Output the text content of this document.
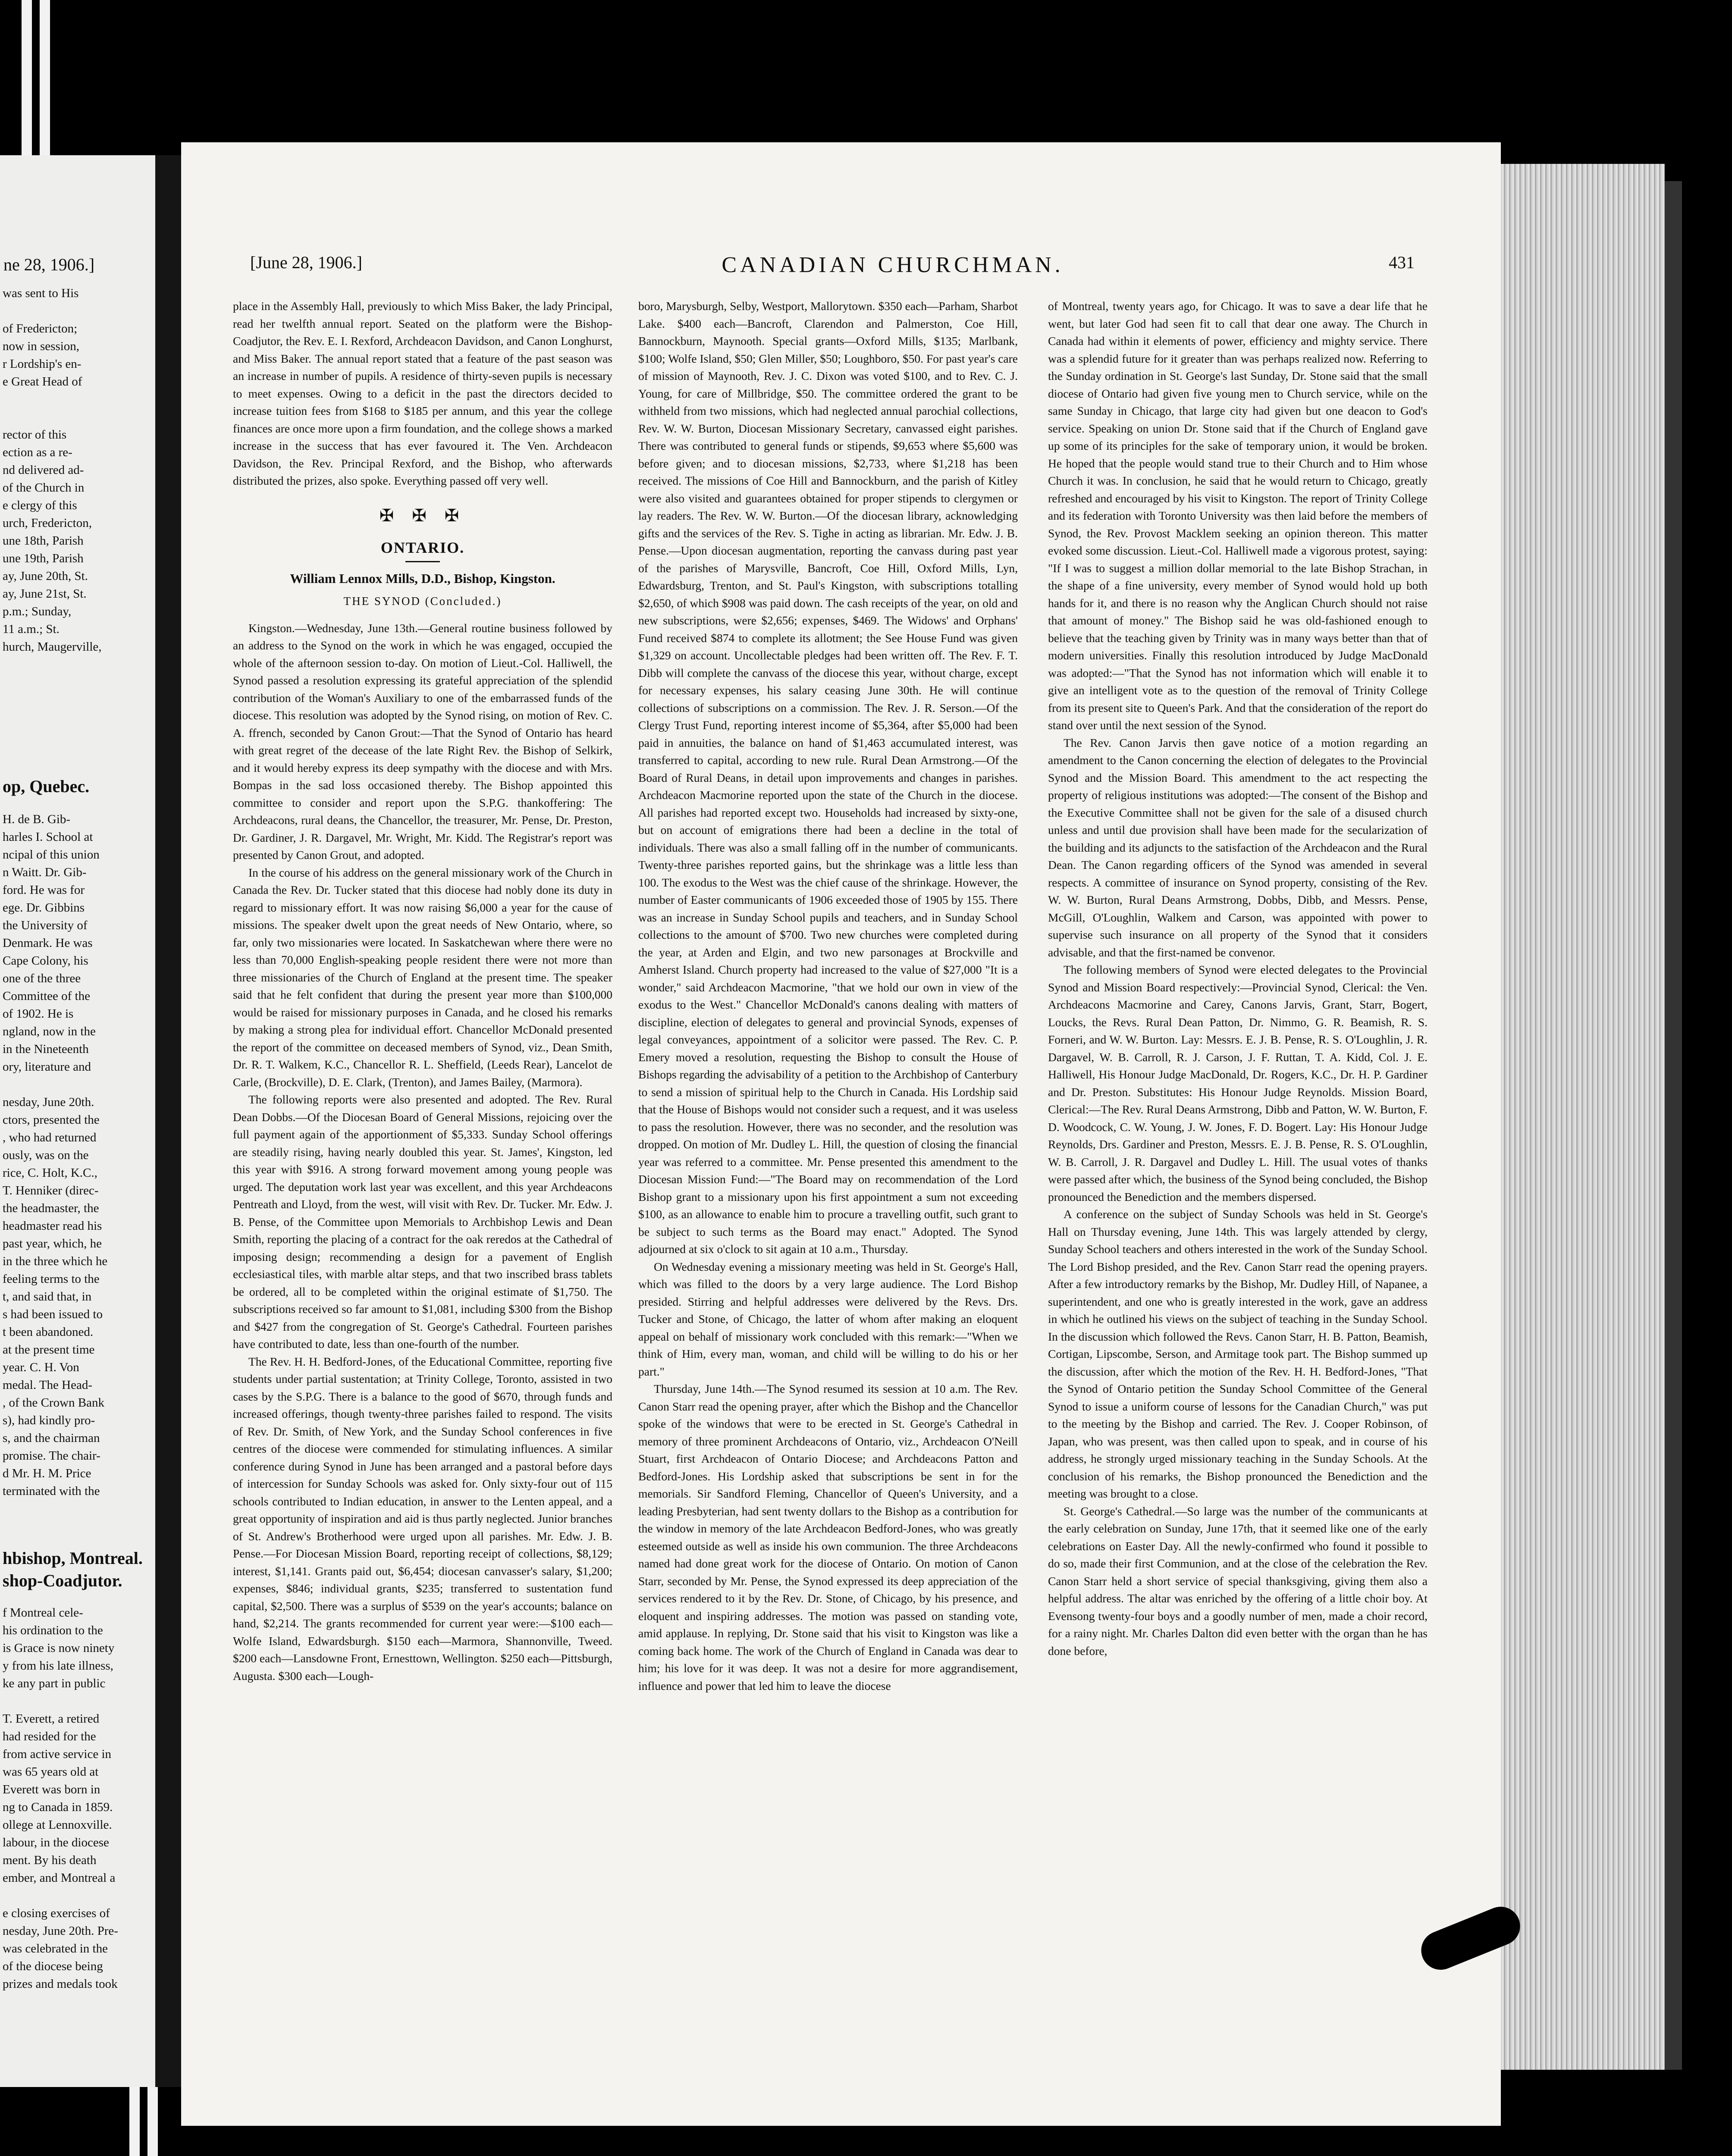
ne 28, 1906.]
was sent to His
of Fredericton;
now in session,
r Lordship's en-
e Great Head of
rector of this
ection as a re-
nd delivered ad-
of the Church in
e clergy of this
urch, Fredericton,
une 18th, Parish
une 19th, Parish
ay, June 20th, St.
ay, June 21st, St.
p.m.; Sunday,
11 a.m.; St.
hurch, Maugerville,
op, Quebec.
H. de B. Gib-
harles I. School at
ncipal of this union
n Waitt. Dr. Gib-
ford. He was for
ege. Dr. Gibbins
the University of
Denmark. He was
Cape Colony, his
one of the three
Committee of the
of 1902. He is
ngland, now in the
in the Nineteenth
ory, literature and
nesday, June 20th.
ctors, presented the
, who had returned
ously, was on the
rice, C. Holt, K.C.,
T. Henniker (direc-
the headmaster, the
headmaster read his
past year, which, he
in the three which he
feeling terms to the
t, and said that, in
s had been issued to
t been abandoned.
at the present time
year. C. H. Von
medal. The Head-
, of the Crown Bank
s), had kindly pro-
s, and the chairman
promise. The chair-
d Mr. H. M. Price
terminated with the
hbishop, Montreal.
shop-Coadjutor.
f Montreal cele-
his ordination to the
is Grace is now ninety
y from his late illness,
ke any part in public
T. Everett, a retired
had resided for the
from active service in
was 65 years old at
Everett was born in
ng to Canada in 1859.
ollege at Lennoxville.
labour, in the diocese
ment. By his death
ember, and Montreal a
e closing exercises of
nesday, June 20th. Pre-
was celebrated in the
of the diocese being
prizes and medals took
[June 28, 1906.]	CANADIAN CHURCHMAN.	431

place in the Assembly Hall, previously to which Miss Baker, the lady Principal, read her twelfth annual report. Seated on the platform were the Bishop-Coadjutor, the Rev. E. I. Rexford, Archdeacon Davidson, and Canon Longhurst, and Miss Baker. The annual report stated that a feature of the past season was an increase in number of pupils. A residence of thirty-seven pupils is necessary to meet expenses. Owing to a deficit in the past the directors decided to increase tuition fees from $168 to $185 per annum, and this year the college finances are once more upon a firm foundation, and the college shows a marked increase in the success that has ever favoured it. The Ven. Archdeacon Davidson, the Rev. Principal Rexford, and the Bishop, who afterwards distributed the prizes, also spoke. Everything passed off very well.

✠ ✠ ✠
ONTARIO.
William Lennox Mills, D.D., Bishop, Kingston.
THE SYNOD (Concluded.)

Kingston.—Wednesday, June 13th.—General routine business followed by an address to the Synod on the work in which he was engaged, occupied the whole of the afternoon session to-day. On motion of Lieut.-Col. Halliwell, the Synod passed a resolution expressing its grateful appreciation of the splendid contribution of the Woman's Auxiliary to one of the embarrassed funds of the diocese. This resolution was adopted by the Synod rising, on motion of Rev. C. A. ffrench, seconded by Canon Grout:—That the Synod of Ontario has heard with great regret of the decease of the late Right Rev. the Bishop of Selkirk, and it would hereby express its deep sympathy with the diocese and with Mrs. Bompas in the sad loss occasioned thereby. The Bishop appointed this committee to consider and report upon the S.P.G. thankoffering: The Archdeacons, rural deans, the Chancellor, the treasurer, Mr. Pense, Dr. Preston, Dr. Gardiner, J. R. Dargavel, Mr. Wright, Mr. Kidd. The Registrar's report was presented by Canon Grout, and adopted.

In the course of his address on the general missionary work of the Church in Canada the Rev. Dr. Tucker stated that this diocese had nobly done its duty in regard to missionary effort. It was now raising $6,000 a year for the cause of missions. The speaker dwelt upon the great needs of New Ontario, where, so far, only two missionaries were located. In Saskatchewan where there were no less than 70,000 English-speaking people resident there were not more than three missionaries of the Church of England at the present time. The speaker said that he felt confident that during the present year more than $100,000 would be raised for missionary purposes in Canada, and he closed his remarks by making a strong plea for individual effort. Chancellor McDonald presented the report of the committee on deceased members of Synod, viz., Dean Smith, Dr. R. T. Walkem, K.C., Chancellor R. L. Sheffield, (Leeds Rear), Lancelot de Carle, (Brockville), D. E. Clark, (Trenton), and James Bailey, (Marmora).

The following reports were also presented and adopted. The Rev. Rural Dean Dobbs.—Of the Diocesan Board of General Missions, rejoicing over the full payment again of the apportionment of $5,333. Sunday School offerings are steadily rising, having nearly doubled this year. St. James', Kingston, led this year with $916. A strong forward movement among young people was urged. The deputation work last year was excellent, and this year Archdeacons Pentreath and Lloyd, from the west, will visit with Rev. Dr. Tucker. Mr. Edw. J. B. Pense, of the Committee upon Memorials to Archbishop Lewis and Dean Smith, reporting the placing of a contract for the oak reredos at the Cathedral of imposing design; recommending a design for a pavement of English ecclesiastical tiles, with marble altar steps, and that two inscribed brass tablets be ordered, all to be completed within the original estimate of $1,750. The subscriptions received so far amount to $1,081, including $300 from the Bishop and $427 from the congregation of St. George's Cathedral. Fourteen parishes have contributed to date, less than one-fourth of the number.

The Rev. H. H. Bedford-Jones, of the Educational Committee, reporting five students under partial sustentation; at Trinity College, Toronto, assisted in two cases by the S.P.G. There is a balance to the good of $670, through funds and increased offerings, though twenty-three parishes failed to respond. The visits of Rev. Dr. Smith, of New York, and the Sunday School conferences in five centres of the diocese were commended for stimulating influences. A similar conference during Synod in June has been arranged and a pastoral before days of intercession for Sunday Schools was asked for. Only sixty-four out of 115 schools contributed to Indian education, in answer to the Lenten appeal, and a great opportunity of inspiration and aid is thus partly neglected. Junior branches of St. Andrew's Brotherhood were urged upon all parishes. Mr. Edw. J. B. Pense.—For Diocesan Mission Board, reporting receipt of collections, $8,129; interest, $1,141. Grants paid out, $6,454; diocesan canvasser's salary, $1,200; expenses, $846; individual grants, $235; transferred to sustentation fund capital, $2,500. There was a surplus of $539 on the year's accounts; balance on hand, $2,214. The grants recommended for current year were:—$100 each—Wolfe Island, Edwardsburgh. $150 each—Marmora, Shannonville, Tweed. $200 each—Lansdowne Front, Ernesttown, Wellington. $250 each—Pittsburgh, Augusta. $300 each—Lough-

boro, Marysburgh, Selby, Westport, Mallorytown. $350 each—Parham, Sharbot Lake. $400 each—Bancroft, Clarendon and Palmerston, Coe Hill, Bannockburn, Maynooth. Special grants—Oxford Mills, $135; Marlbank, $100; Wolfe Island, $50; Glen Miller, $50; Loughboro, $50. For past year's care of mission of Maynooth, Rev. J. C. Dixon was voted $100, and to Rev. C. J. Young, for care of Millbridge, $50. The committee ordered the grant to be withheld from two missions, which had neglected annual parochial collections, Rev. W. W. Burton, Diocesan Missionary Secretary, canvassed eight parishes. There was contributed to general funds or stipends, $9,653 where $5,600 was before given; and to diocesan missions, $2,733, where $1,218 has been received. The missions of Coe Hill and Bannockburn, and the parish of Kitley were also visited and guarantees obtained for proper stipends to clergymen or lay readers. The Rev. W. W. Burton.—Of the diocesan library, acknowledging gifts and the services of the Rev. S. Tighe in acting as librarian. Mr. Edw. J. B. Pense.—Upon diocesan augmentation, reporting the canvass during past year of the parishes of Marysville, Bancroft, Coe Hill, Oxford Mills, Lyn, Edwardsburg, Trenton, and St. Paul's Kingston, with subscriptions totalling $2,650, of which $908 was paid down. The cash receipts of the year, on old and new subscriptions, were $2,656; expenses, $469. The Widows' and Orphans' Fund received $874 to complete its allotment; the See House Fund was given $1,329 on account. Uncollectable pledges had been written off. The Rev. F. T. Dibb will complete the canvass of the diocese this year, without charge, except for necessary expenses, his salary ceasing June 30th. He will continue collections of subscriptions on a commission. The Rev. J. R. Serson.—Of the Clergy Trust Fund, reporting interest income of $5,364, after $5,000 had been paid in annuities, the balance on hand of $1,463 accumulated interest, was transferred to capital, according to new rule. Rural Dean Armstrong.—Of the Board of Rural Deans, in detail upon improvements and changes in parishes. Archdeacon Macmorine reported upon the state of the Church in the diocese. All parishes had reported except two. Households had increased by sixty-one, but on account of emigrations there had been a decline in the total of individuals. There was also a small falling off in the number of communicants. Twenty-three parishes reported gains, but the shrinkage was a little less than 100. The exodus to the West was the chief cause of the shrinkage. However, the number of Easter communicants of 1906 exceeded those of 1905 by 155. There was an increase in Sunday School pupils and teachers, and in Sunday School collections to the amount of $700. Two new churches were completed during the year, at Arden and Elgin, and two new parsonages at Brockville and Amherst Island. Church property had increased to the value of $27,000 "It is a wonder," said Archdeacon Macmorine, "that we hold our own in view of the exodus to the West." Chancellor McDonald's canons dealing with matters of discipline, election of delegates to general and provincial Synods, expenses of legal conveyances, appointment of a solicitor were passed. The Rev. C. P. Emery moved a resolution, requesting the Bishop to consult the House of Bishops regarding the advisability of a petition to the Archbishop of Canterbury to send a mission of spiritual help to the Church in Canada. His Lordship said that the House of Bishops would not consider such a request, and it was useless to pass the resolution. However, there was no seconder, and the resolution was dropped. On motion of Mr. Dudley L. Hill, the question of closing the financial year was referred to a committee. Mr. Pense presented this amendment to the Diocesan Mission Fund:—"The Board may on recommendation of the Lord Bishop grant to a missionary upon his first appointment a sum not exceeding $100, as an allowance to enable him to procure a travelling outfit, such grant to be subject to such terms as the Board may enact." Adopted. The Synod adjourned at six o'clock to sit again at 10 a.m., Thursday.

On Wednesday evening a missionary meeting was held in St. George's Hall, which was filled to the doors by a very large audience. The Lord Bishop presided. Stirring and helpful addresses were delivered by the Revs. Drs. Tucker and Stone, of Chicago, the latter of whom after making an eloquent appeal on behalf of missionary work concluded with this remark:—"When we think of Him, every man, woman, and child will be willing to do his or her part."

Thursday, June 14th.—The Synod resumed its session at 10 a.m. The Rev. Canon Starr read the opening prayer, after which the Bishop and the Chancellor spoke of the windows that were to be erected in St. George's Cathedral in memory of three prominent Archdeacons of Ontario, viz., Archdeacon O'Neill Stuart, first Archdeacon of Ontario Diocese; and Archdeacons Patton and Bedford-Jones. His Lordship asked that subscriptions be sent in for the memorials. Sir Sandford Fleming, Chancellor of Queen's University, and a leading Presbyterian, had sent twenty dollars to the Bishop as a contribution for the window in memory of the late Archdeacon Bedford-Jones, who was greatly esteemed outside as well as inside his own communion. The three Archdeacons named had done great work for the diocese of Ontario. On motion of Canon Starr, seconded by Mr. Pense, the Synod expressed its deep appreciation of the services rendered to it by the Rev. Dr. Stone, of Chicago, by his presence, and eloquent and inspiring addresses. The motion was passed on standing vote, amid applause. In replying, Dr. Stone said that his visit to Kingston was like a coming back home. The work of the Church of England in Canada was dear to him; his love for it was deep. It was not a desire for more aggrandisement, influence and power that led him to leave the diocese

of Montreal, twenty years ago, for Chicago. It was to save a dear life that he went, but later God had seen fit to call that dear one away. The Church in Canada had within it elements of power, efficiency and mighty service. There was a splendid future for it greater than was perhaps realized now. Referring to the Sunday ordination in St. George's last Sunday, Dr. Stone said that the small diocese of Ontario had given five young men to Church service, while on the same Sunday in Chicago, that large city had given but one deacon to God's service. Speaking on union Dr. Stone said that if the Church of England gave up some of its principles for the sake of temporary union, it would be broken. He hoped that the people would stand true to their Church and to Him whose Church it was. In conclusion, he said that he would return to Chicago, greatly refreshed and encouraged by his visit to Kingston. The report of Trinity College and its federation with Toronto University was then laid before the members of Synod, the Rev. Provost Macklem seeking an opinion thereon. This matter evoked some discussion. Lieut.-Col. Halliwell made a vigorous protest, saying: "If I was to suggest a million dollar memorial to the late Bishop Strachan, in the shape of a fine university, every member of Synod would hold up both hands for it, and there is no reason why the Anglican Church should not raise that amount of money." The Bishop said he was old-fashioned enough to believe that the teaching given by Trinity was in many ways better than that of modern universities. Finally this resolution introduced by Judge MacDonald was adopted:—"That the Synod has not information which will enable it to give an intelligent vote as to the question of the removal of Trinity College from its present site to Queen's Park. And that the consideration of the report do stand over until the next session of the Synod.

The Rev. Canon Jarvis then gave notice of a motion regarding an amendment to the Canon concerning the election of delegates to the Provincial Synod and the Mission Board. This amendment to the act respecting the property of religious institutions was adopted:—The consent of the Bishop and the Executive Committee shall not be given for the sale of a disused church unless and until due provision shall have been made for the secularization of the building and its adjuncts to the satisfaction of the Archdeacon and the Rural Dean. The Canon regarding officers of the Synod was amended in several respects. A committee of insurance on Synod property, consisting of the Rev. W. W. Burton, Rural Deans Armstrong, Dobbs, Dibb, and Messrs. Pense, McGill, O'Loughlin, Walkem and Carson, was appointed with power to supervise such insurance on all property of the Synod that it considers advisable, and that the first-named be convenor.

The following members of Synod were elected delegates to the Provincial Synod and Mission Board respectively:—Provincial Synod, Clerical: the Ven. Archdeacons Macmorine and Carey, Canons Jarvis, Grant, Starr, Bogert, Loucks, the Revs. Rural Dean Patton, Dr. Nimmo, G. R. Beamish, R. S. Forneri, and W. W. Burton. Lay: Messrs. E. J. B. Pense, R. S. O'Loughlin, J. R. Dargavel, W. B. Carroll, R. J. Carson, J. F. Ruttan, T. A. Kidd, Col. J. E. Halliwell, His Honour Judge MacDonald, Dr. Rogers, K.C., Dr. H. P. Gardiner and Dr. Preston. Substitutes: His Honour Judge Reynolds. Mission Board, Clerical:—The Rev. Rural Deans Armstrong, Dibb and Patton, W. W. Burton, F. D. Woodcock, C. W. Young, J. W. Jones, F. D. Bogert. Lay: His Honour Judge Reynolds, Drs. Gardiner and Preston, Messrs. E. J. B. Pense, R. S. O'Loughlin, W. B. Carroll, J. R. Dargavel and Dudley L. Hill. The usual votes of thanks were passed after which, the business of the Synod being concluded, the Bishop pronounced the Benediction and the members dispersed.

A conference on the subject of Sunday Schools was held in St. George's Hall on Thursday evening, June 14th. This was largely attended by clergy, Sunday School teachers and others interested in the work of the Sunday School. The Lord Bishop presided, and the Rev. Canon Starr read the opening prayers. After a few introductory remarks by the Bishop, Mr. Dudley Hill, of Napanee, a superintendent, and one who is greatly interested in the work, gave an address in which he outlined his views on the subject of teaching in the Sunday School. In the discussion which followed the Revs. Canon Starr, H. B. Patton, Beamish, Cortigan, Lipscombe, Serson, and Armitage took part. The Bishop summed up the discussion, after which the motion of the Rev. H. H. Bedford-Jones, "That the Synod of Ontario petition the Sunday School Committee of the General Synod to issue a uniform course of lessons for the Canadian Church," was put to the meeting by the Bishop and carried. The Rev. J. Cooper Robinson, of Japan, who was present, was then called upon to speak, and in course of his address, he strongly urged missionary teaching in the Sunday Schools. At the conclusion of his remarks, the Bishop pronounced the Benediction and the meeting was brought to a close.

St. George's Cathedral.—So large was the number of the communicants at the early celebration on Sunday, June 17th, that it seemed like one of the early celebrations on Easter Day. All the newly-confirmed who found it possible to do so, made their first Communion, and at the close of the celebration the Rev. Canon Starr held a short service of special thanksgiving, giving them also a helpful address. The altar was enriched by the offering of a little choir boy. At Evensong twenty-four boys and a goodly number of men, made a choir record, for a rainy night. Mr. Charles Dalton did even better with the organ than he has done before,
